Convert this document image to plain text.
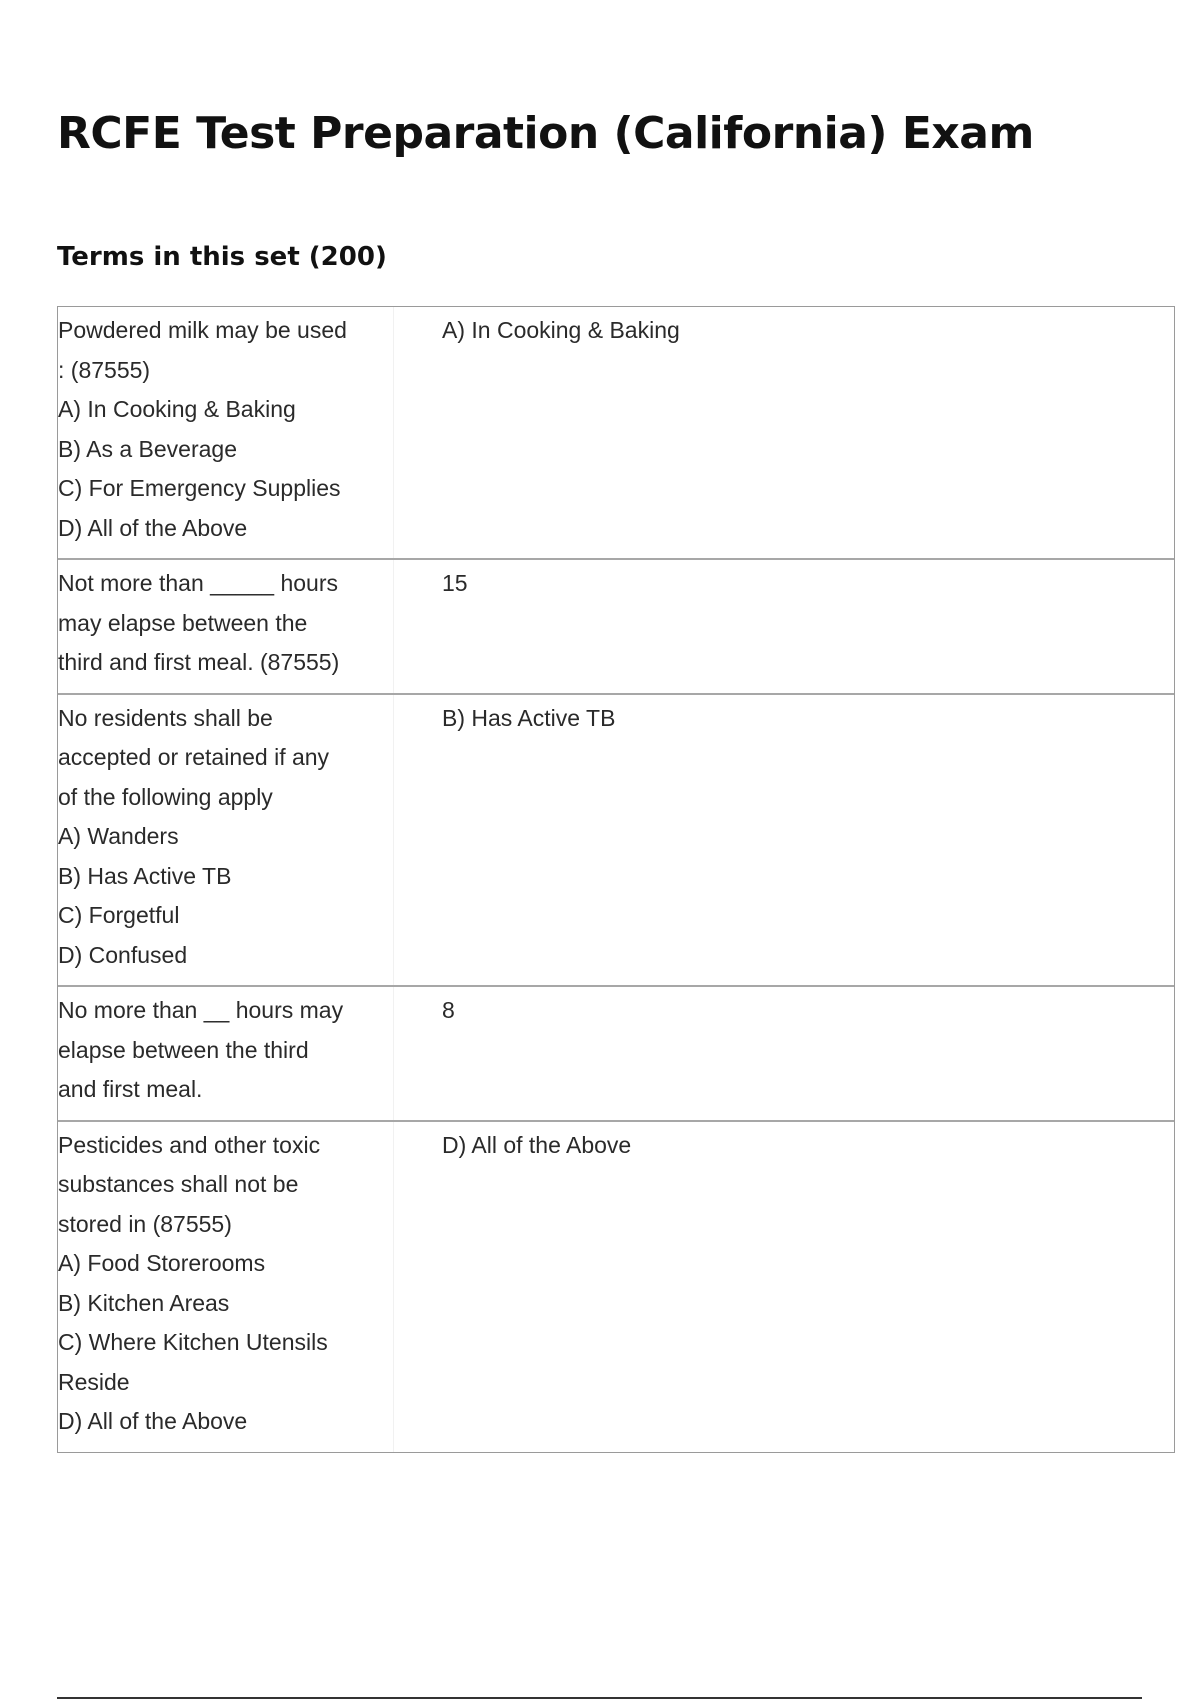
RCFE Test Preparation (California) Exam
Terms in this set (200)
Powdered milk may be used
: (87555)
A) In Cooking & Baking
B) As a Beverage
C) For Emergency Supplies
D) All of the Above
A) In Cooking & Baking
Not more than _____ hours
may elapse between the
third and first meal. (87555)
15
No residents shall be
accepted or retained if any
of the following apply
A) Wanders
B) Has Active TB
C) Forgetful
D) Confused
B) Has Active TB
No more than __ hours may
elapse between the third
and first meal.
8
Pesticides and other toxic
substances shall not be
stored in (87555)
A) Food Storerooms
B) Kitchen Areas
C) Where Kitchen Utensils
Reside
D) All of the Above
D) All of the Above
